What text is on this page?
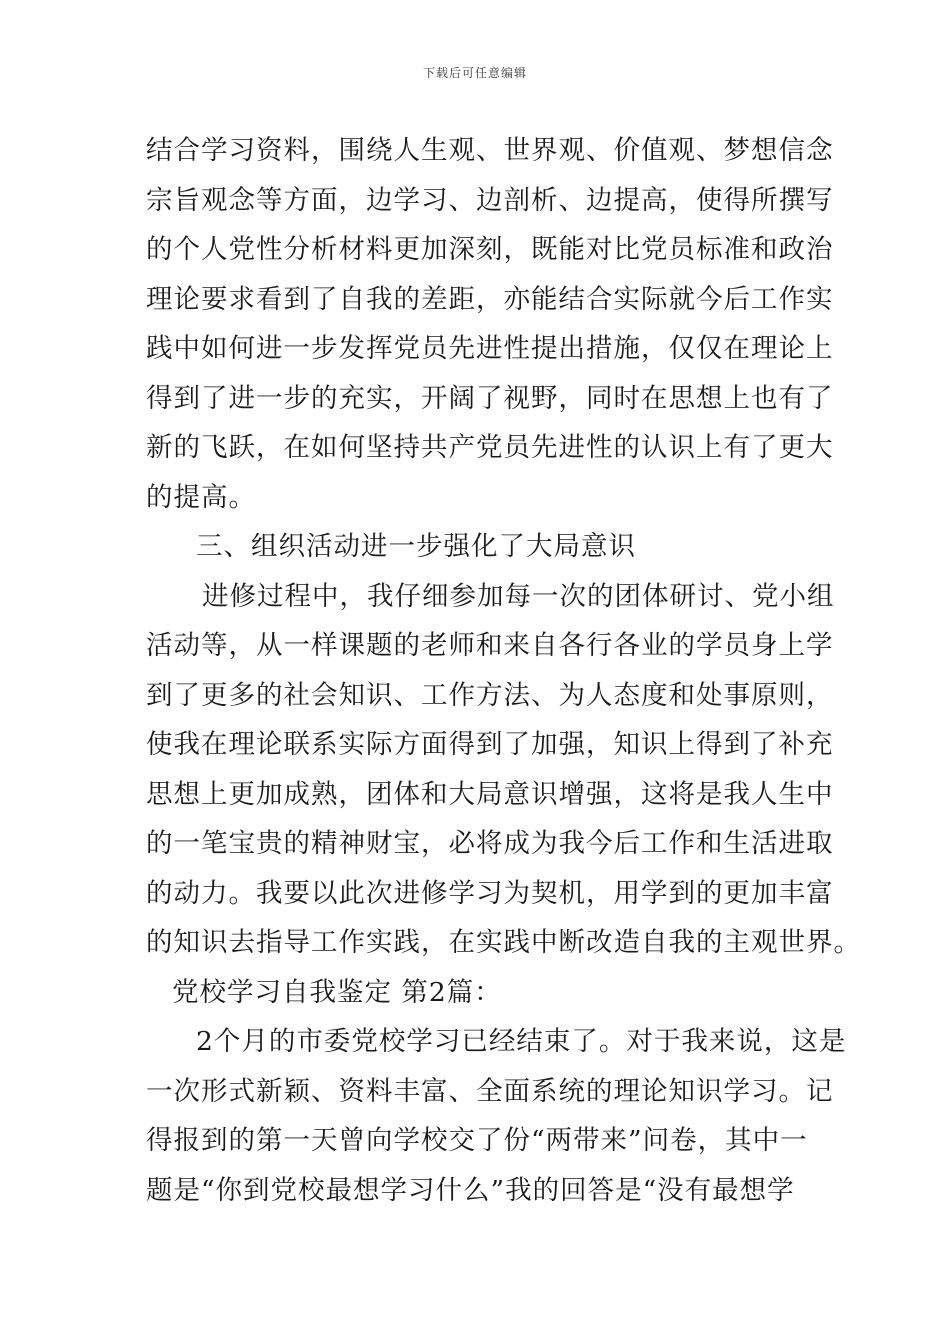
下载后可任意编辑
结合学习资料，围绕人生观、世界观、价值观、梦想信念
宗旨观念等方面，边学习、边剖析、边提高，使得所撰写
的个人党性分析材料更加深刻，既能对比党员标准和政治
理论要求看到了自我的差距，亦能结合实际就今后工作实
践中如何进一步发挥党员先进性提出措施，仅仅在理论上
得到了进一步的充实，开阔了视野，同时在思想上也有了
新的飞跃，在如何坚持共产党员先进性的认识上有了更大
的提高。
三、组织活动进一步强化了大局意识
进修过程中，我仔细参加每一次的团体研讨、党小组
活动等，从一样课题的老师和来自各行各业的学员身上学
到了更多的社会知识、工作方法、为人态度和处事原则，
使我在理论联系实际方面得到了加强，知识上得到了补充
思想上更加成熟，团体和大局意识增强，这将是我人生中
的一笔宝贵的精神财宝，必将成为我今后工作和生活进取
的动力。我要以此次进修学习为契机，用学到的更加丰富
的知识去指导工作实践，在实践中断改造自我的主观世界。
党校学习自我鉴定 第2篇：
2个月的市委党校学习已经结束了。对于我来说，这是
一次形式新颖、资料丰富、全面系统的理论知识学习。记
得报到的第一天曾向学校交了份“两带来”问卷，其中一
题是“你到党校最想学习什么”我的回答是“没有最想学
